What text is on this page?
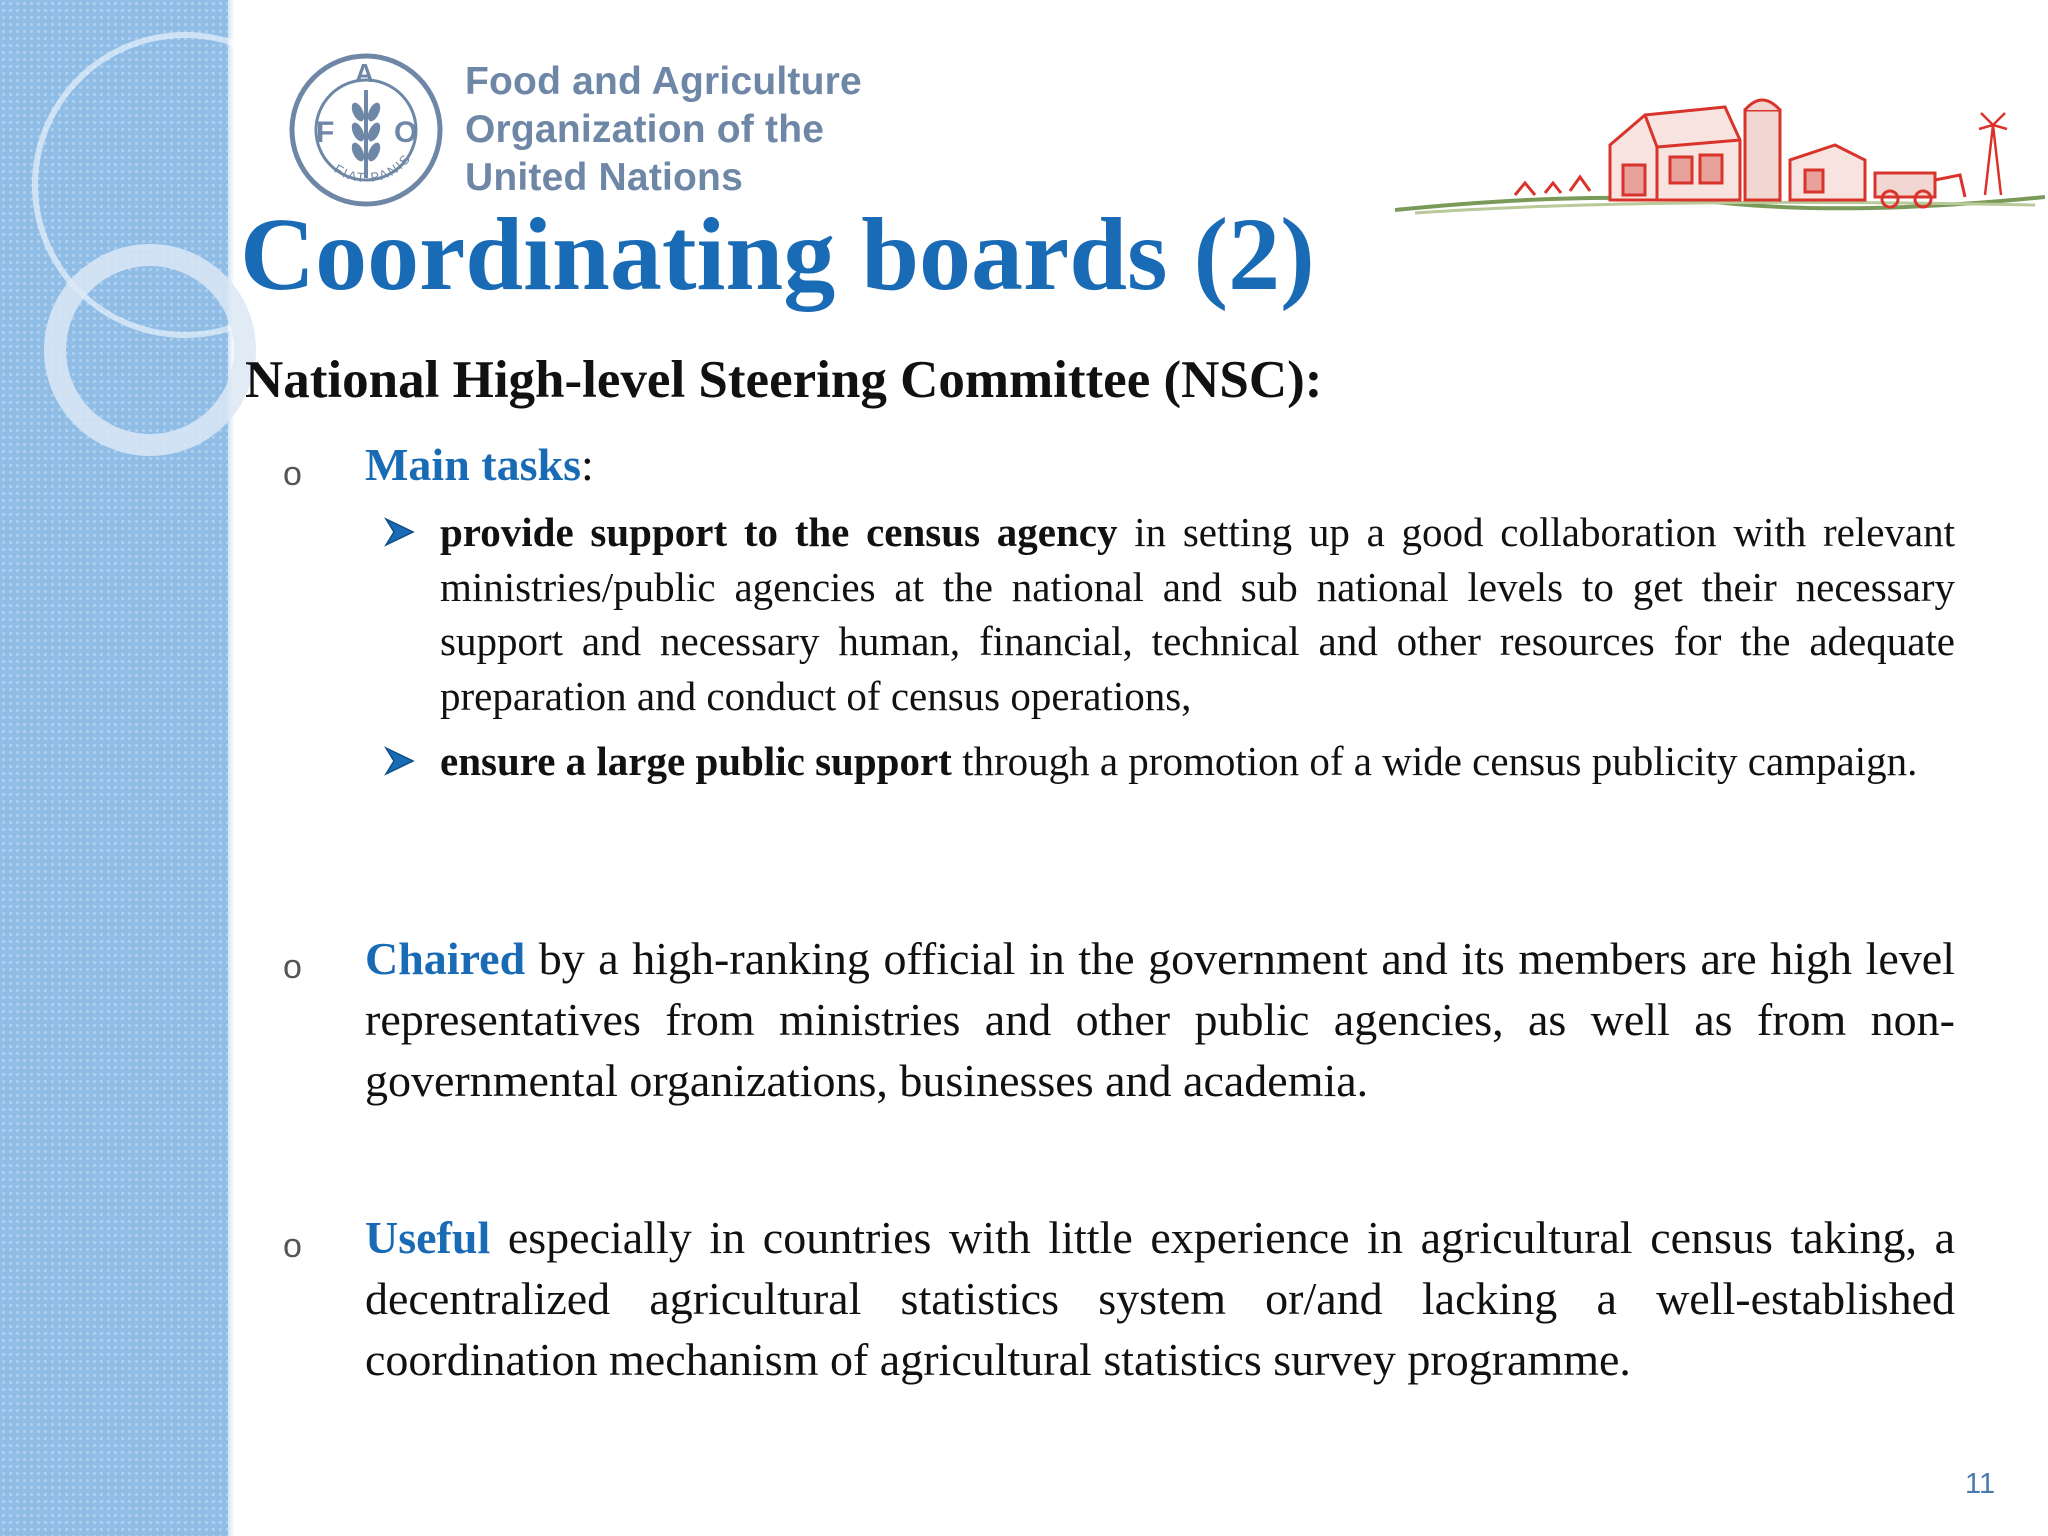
F
A
O
FIAT PANIS
Food and Agriculture
Organization of the
United Nations
Coordinating boards (2)
National High-level Steering Committee (NSC):
o Main tasks:
provide support to the census agency in setting up a good collaboration with relevant ministries/public agencies at the national and sub national levels to get their necessary support and necessary human, financial, technical and other resources for the adequate preparation and conduct of census operations,
ensure a large public support through a promotion of a wide census publicity campaign.
o Chaired by a high-ranking official in the government and its members are high level representatives from ministries and other public agencies, as well as from non-governmental organizations, businesses and academia.
o Useful especially in countries with little experience in agricultural census taking, a decentralized agricultural statistics system or/and lacking a well-established coordination mechanism of agricultural statistics survey programme.
11
